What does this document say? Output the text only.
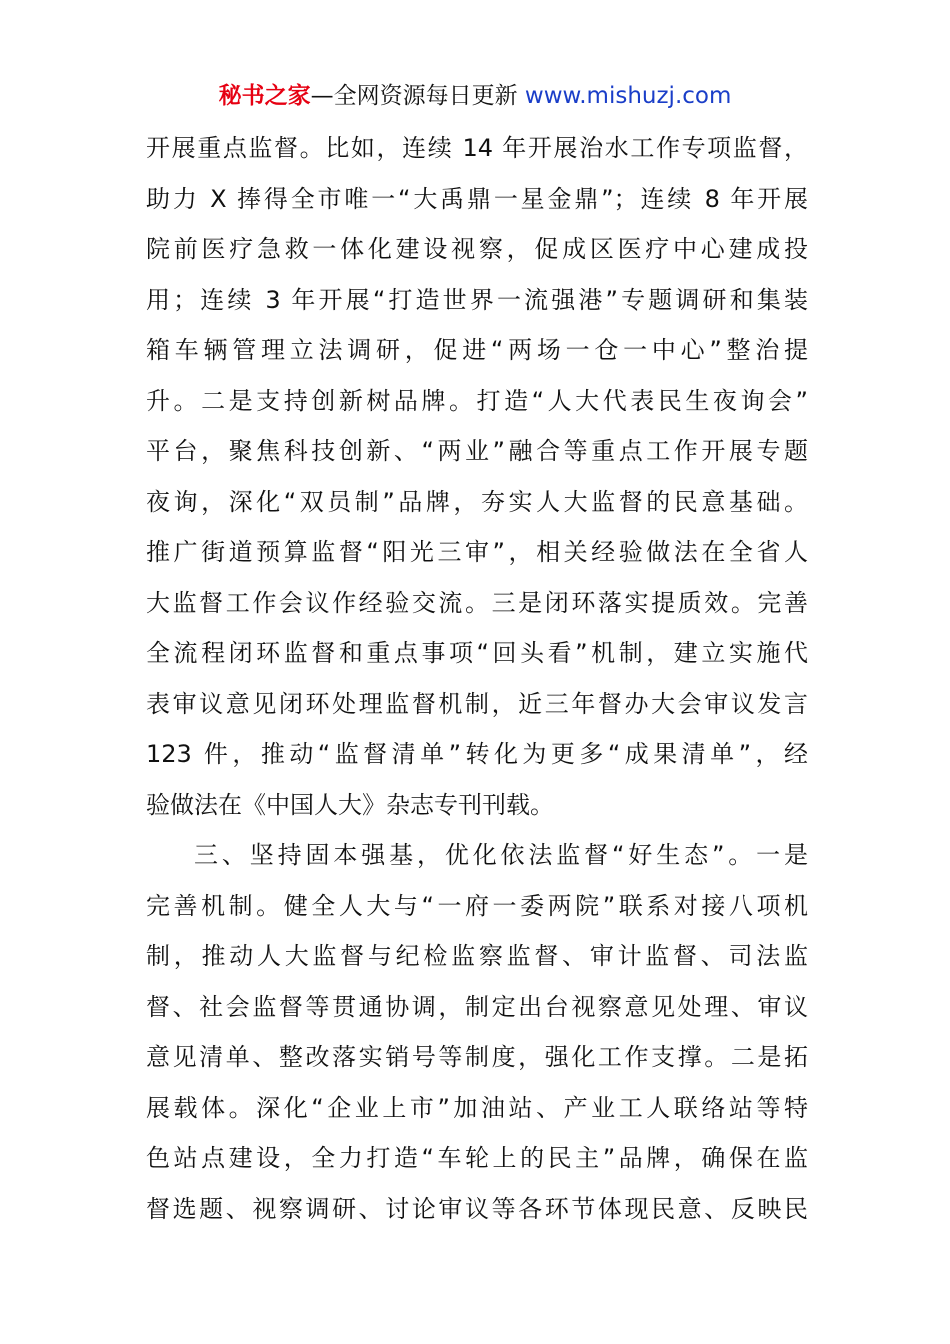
秘书之家—全网资源每日更新 www.mishuzj.com
开展重点监督。比如，连续 14 年开展治水工作专项监督，
助力 X 捧得全市唯一“大禹鼎一星金鼎”；连续 8 年开展
院前医疗急救一体化建设视察，促成区医疗中心建成投
用；连续 3 年开展“打造世界一流强港”专题调研和集装
箱车辆管理立法调研，促进“两场一仓一中心”整治提
升。二是支持创新树品牌。打造“人大代表民生夜询会”
平台，聚焦科技创新、“两业”融合等重点工作开展专题
夜询，深化“双员制”品牌，夯实人大监督的民意基础。
推广街道预算监督“阳光三审”，相关经验做法在全省人
大监督工作会议作经验交流。三是闭环落实提质效。完善
全流程闭环监督和重点事项“回头看”机制，建立实施代
表审议意见闭环处理监督机制，近三年督办大会审议发言
123 件，推动“监督清单”转化为更多“成果清单”，经
验做法在《中国人大》杂志专刊刊载。
三、坚持固本强基，优化依法监督“好生态”。一是
完善机制。健全人大与“一府一委两院”联系对接八项机
制，推动人大监督与纪检监察监督、审计监督、司法监
督、社会监督等贯通协调，制定出台视察意见处理、审议
意见清单、整改落实销号等制度，强化工作支撑。二是拓
展载体。深化“企业上市”加油站、产业工人联络站等特
色站点建设，全力打造“车轮上的民主”品牌，确保在监
督选题、视察调研、讨论审议等各环节体现民意、反映民
